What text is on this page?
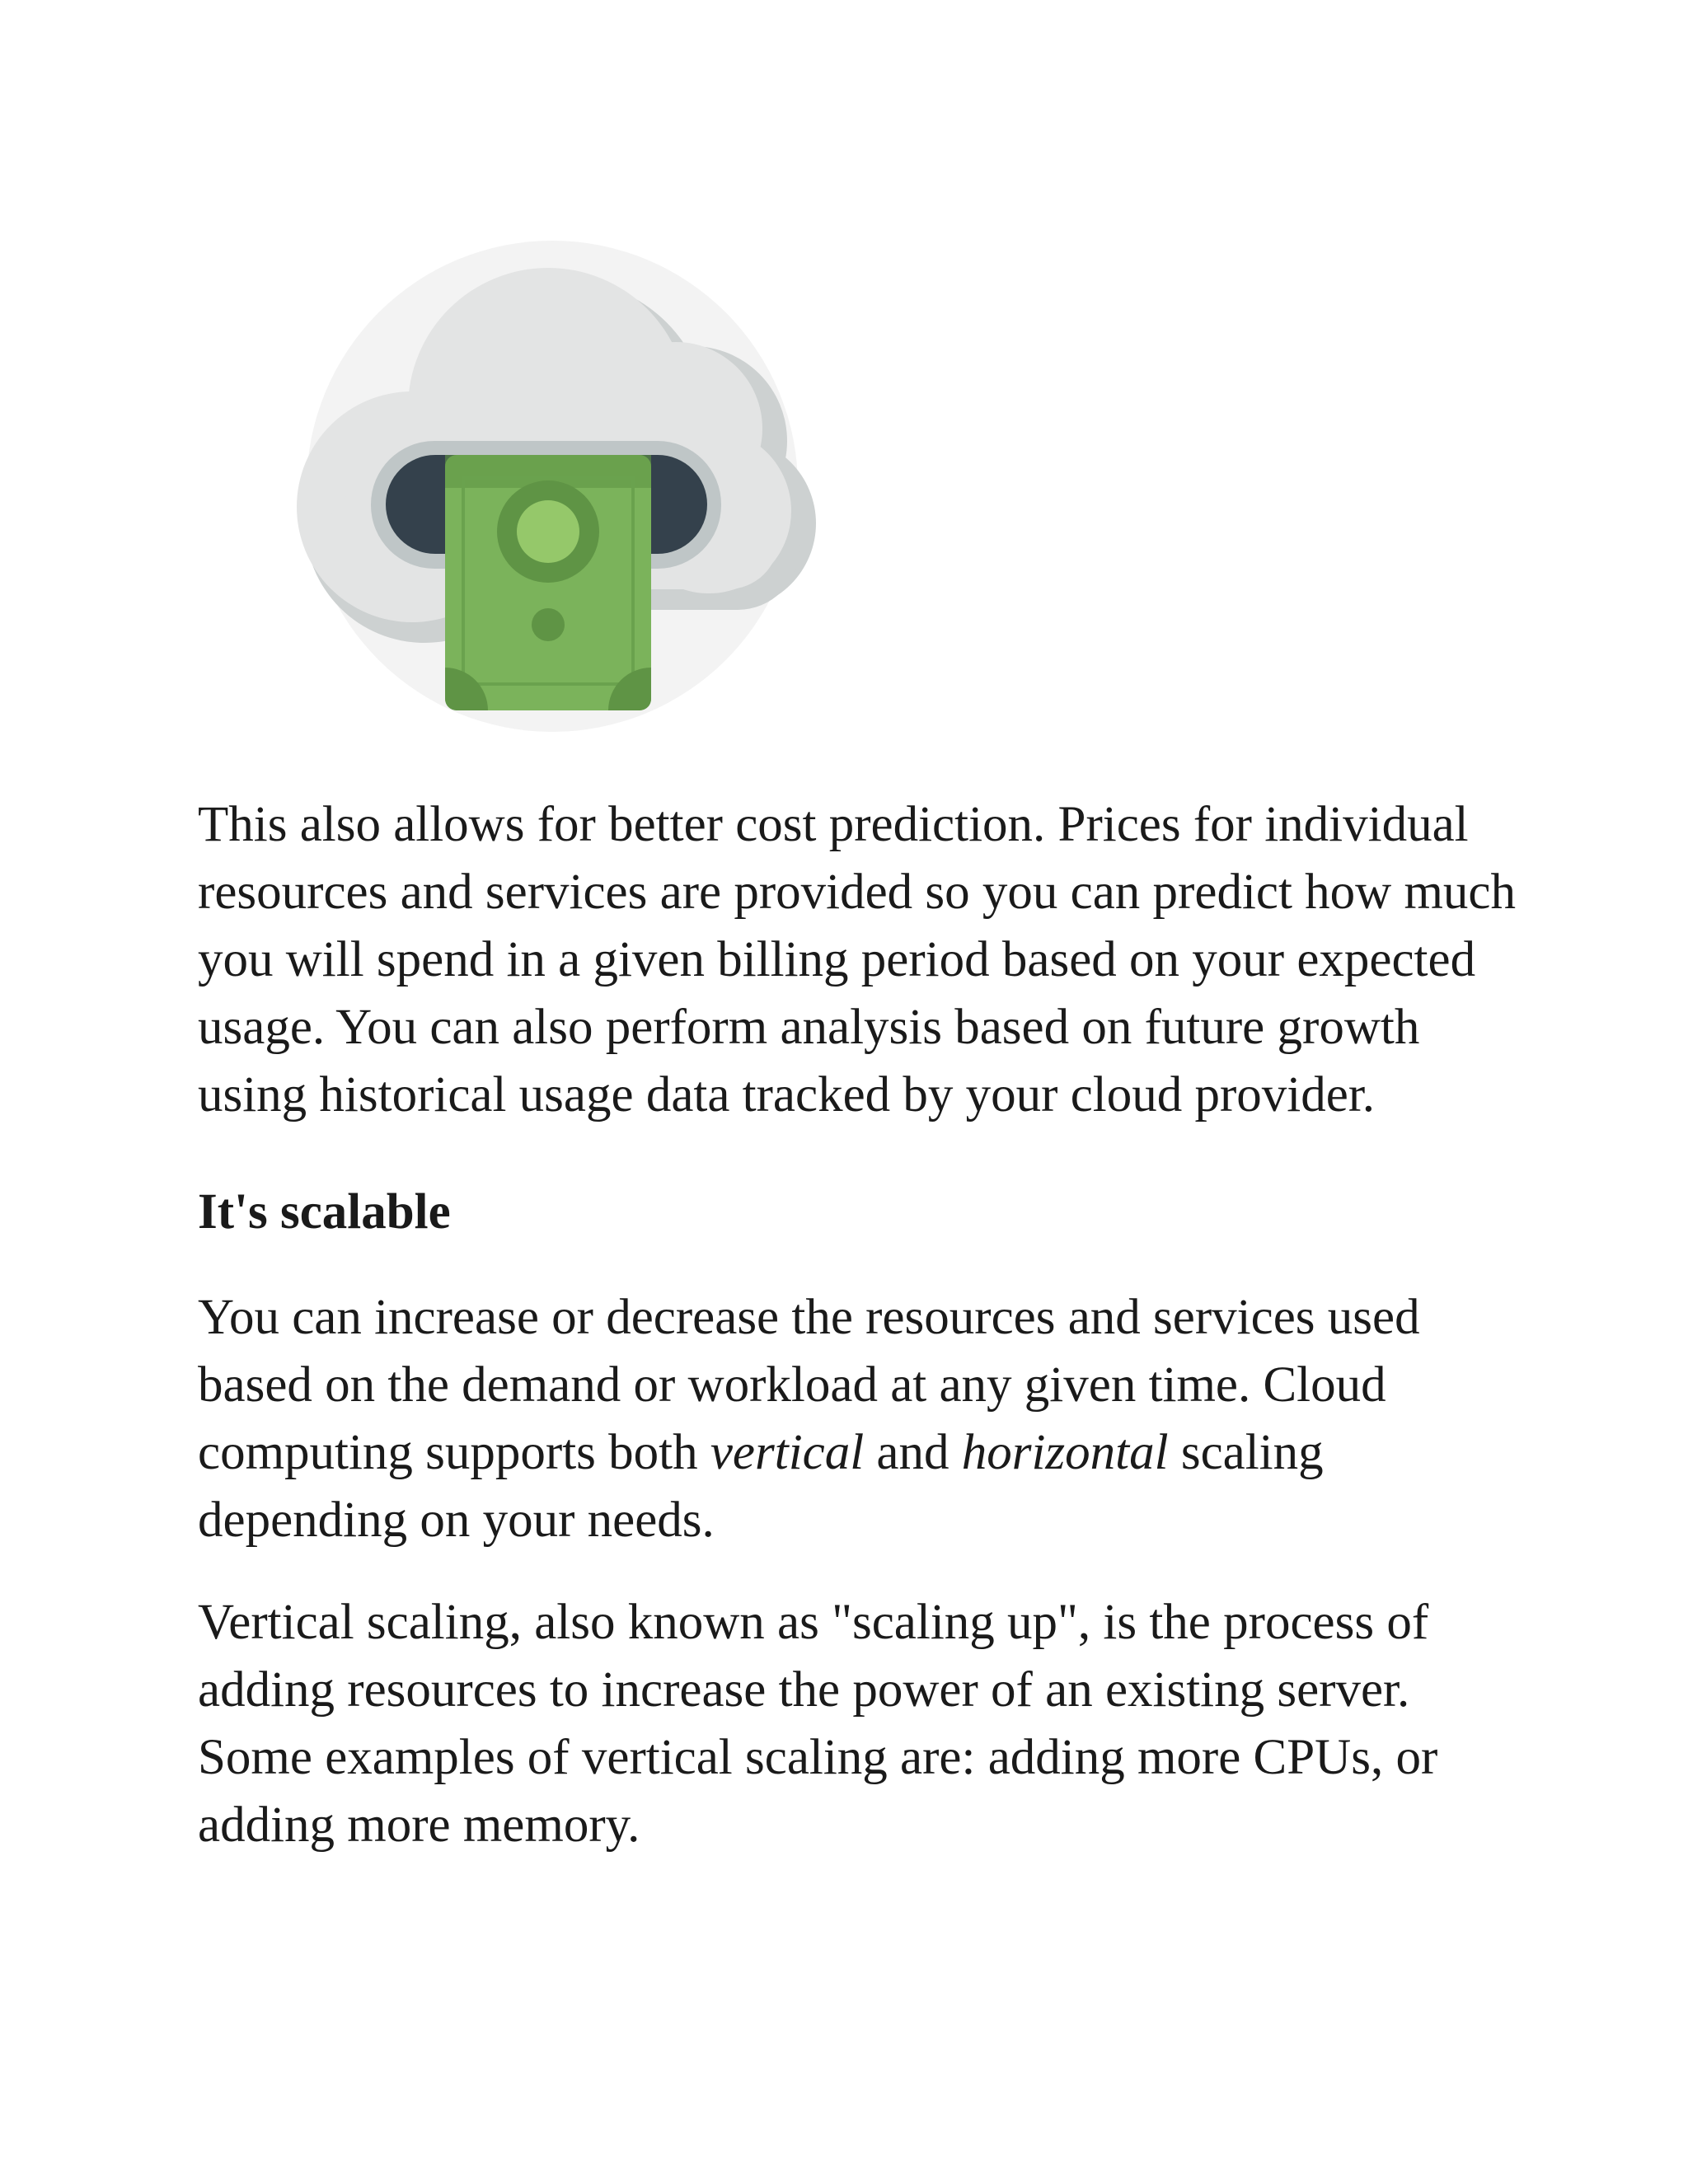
This also allows for better cost prediction. Prices for individual resources and services are provided so you can predict how much you will spend in a given billing period based on your expected usage. You can also perform analysis based on future growth using historical usage data tracked by your cloud provider.

It's scalable

You can increase or decrease the resources and services used based on the demand or workload at any given time. Cloud computing supports both vertical and horizontal scaling depending on your needs.

Vertical scaling, also known as "scaling up", is the process of adding resources to increase the power of an existing server. Some examples of vertical scaling are: adding more CPUs, or adding more memory.
